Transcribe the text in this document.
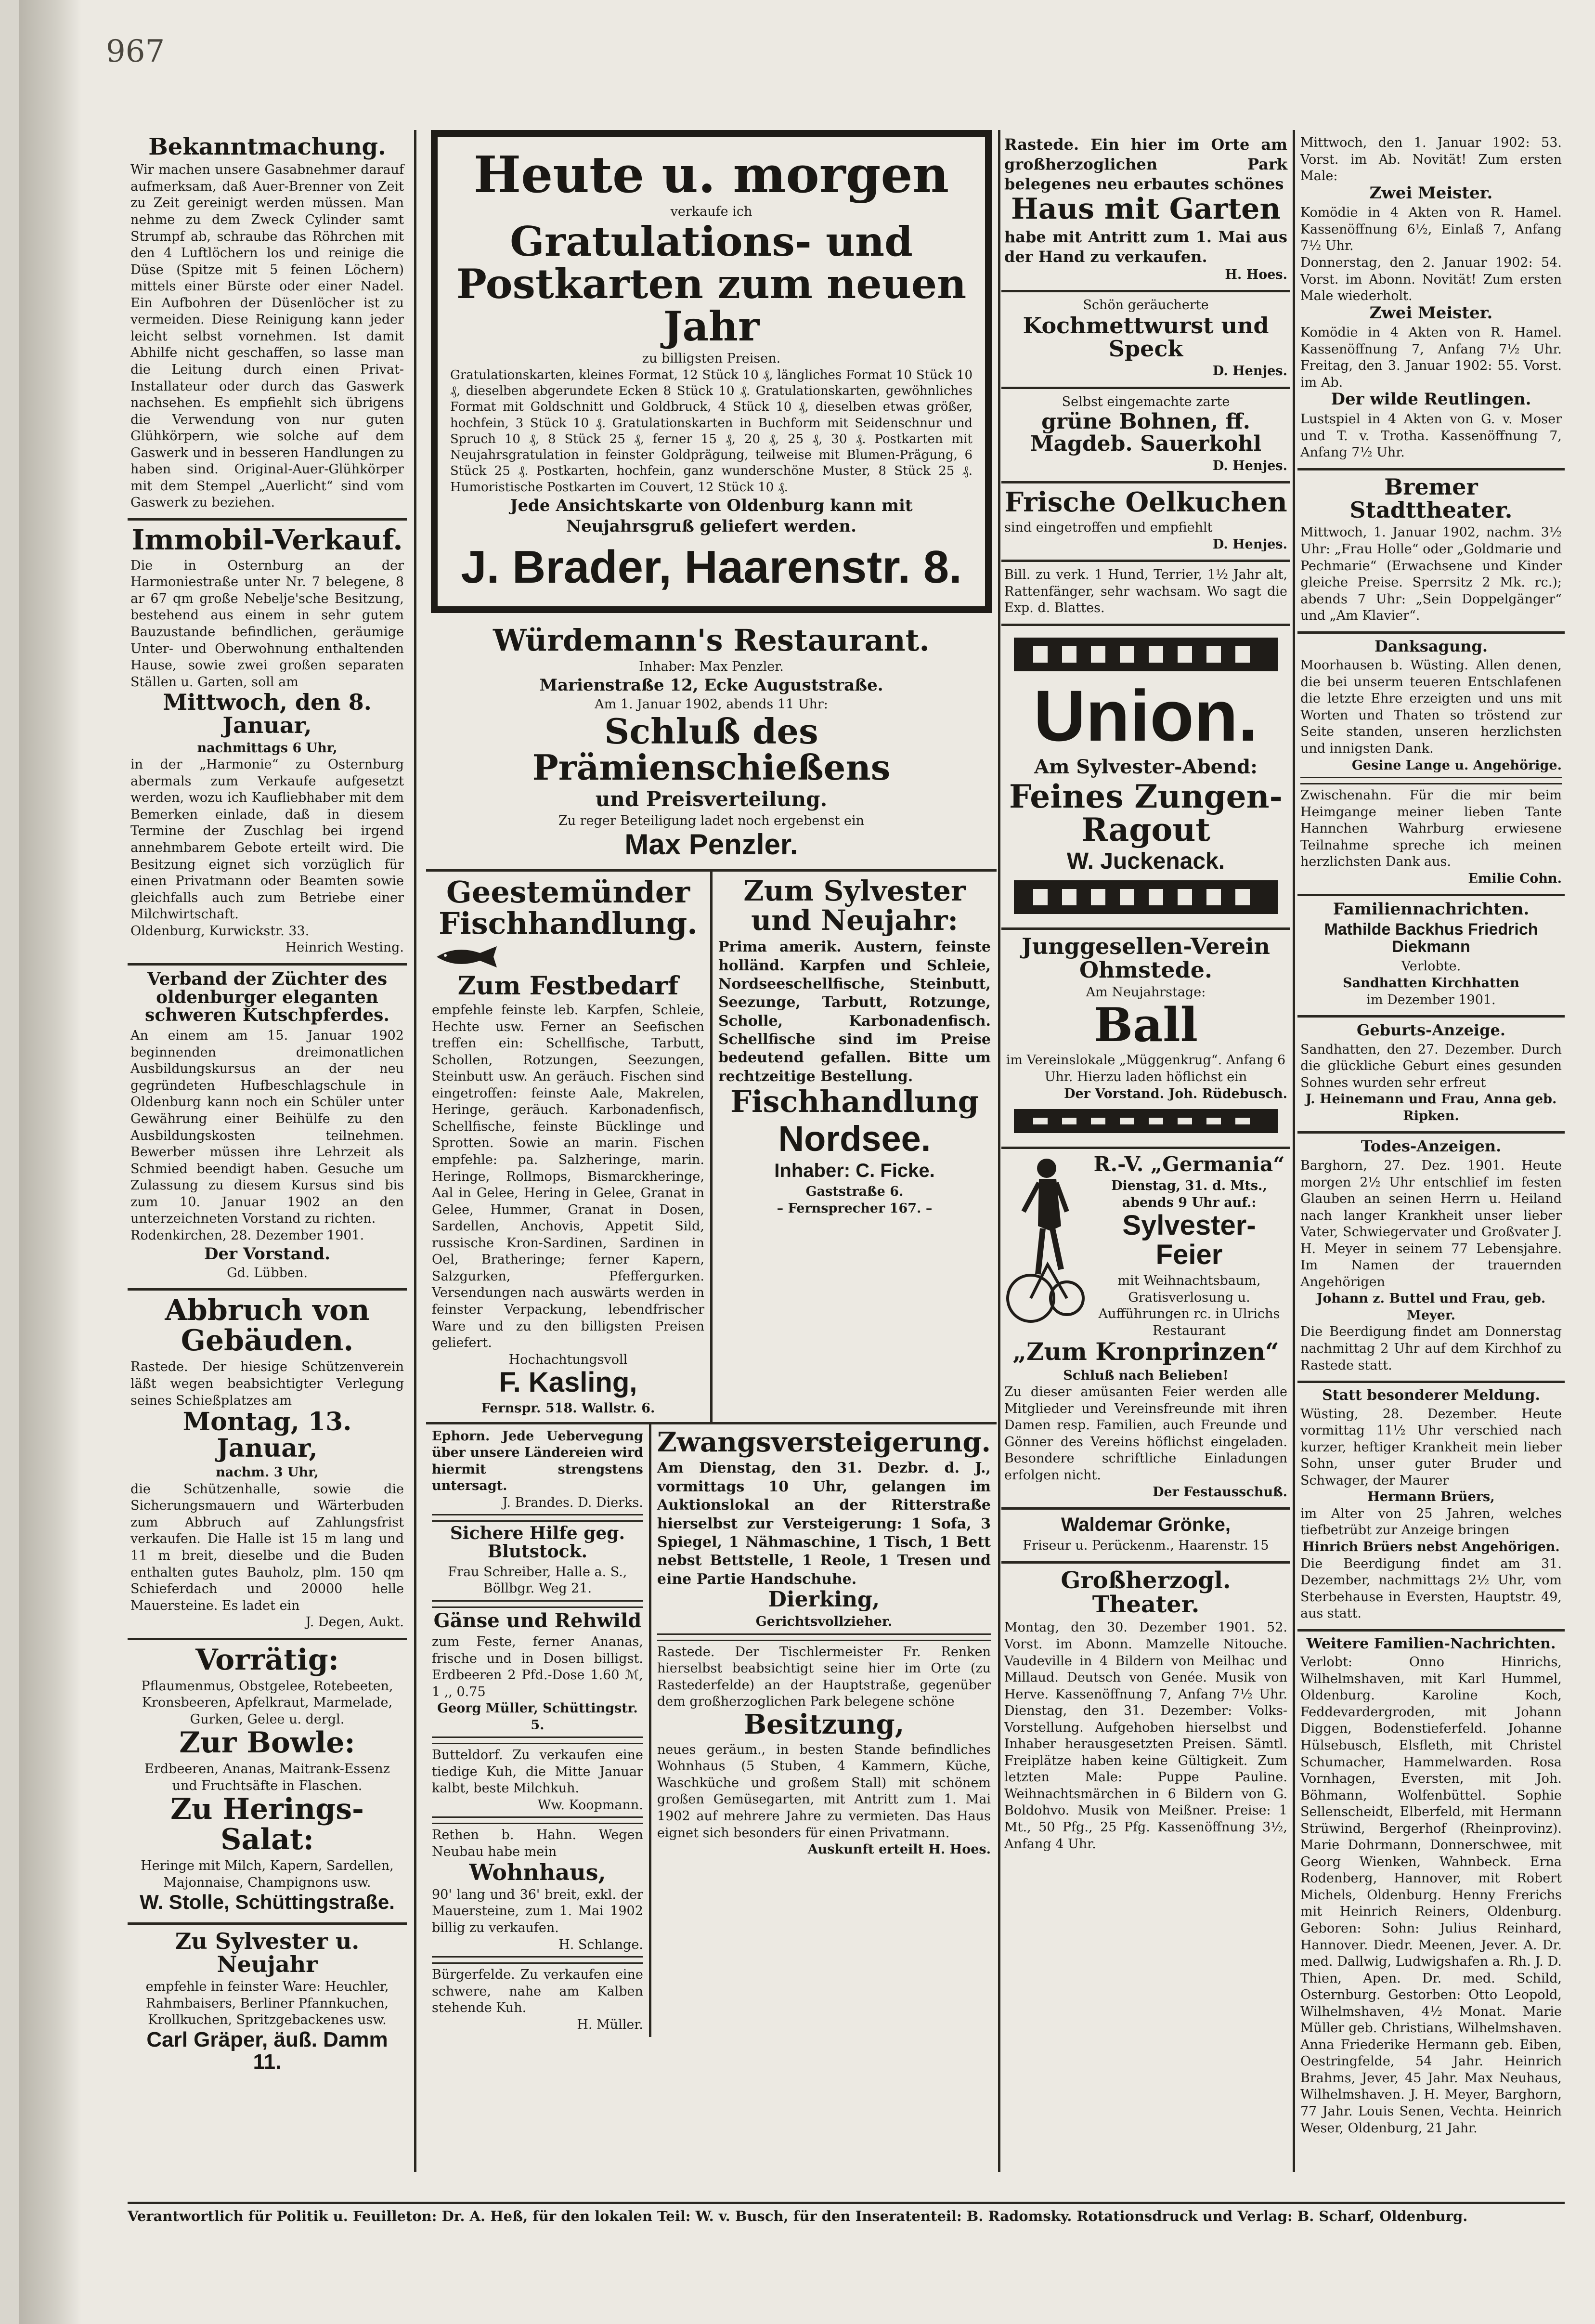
967
Bekanntmachung.

Wir machen unsere Gasabnehmer darauf aufmerksam, daß Auer-Brenner von Zeit zu Zeit gereinigt werden müssen. Man nehme zu dem Zweck Cylinder samt Strumpf ab, schraube das Röhrchen mit den 4 Luftlöchern los und reinige die Düse (Spitze mit 5 feinen Löchern) mittels einer Bürste oder einer Nadel. Ein Aufbohren der Düsenlöcher ist zu vermeiden. Diese Reinigung kann jeder leicht selbst vornehmen. Ist damit Abhilfe nicht geschaffen, so lasse man die Leitung durch einen Privat-Installateur oder durch das Gaswerk nachsehen. Es empfiehlt sich übrigens die Verwendung von nur guten Glühkörpern, wie solche auf dem Gaswerk und in besseren Handlungen zu haben sind. Original-Auer-Glühkörper mit dem Stempel „Auerlicht“ sind vom Gaswerk zu beziehen.

Immobil-Verkauf.

Die in Osternburg an der Harmoniestraße unter Nr. 7 belegene, 8 ar 67 qm große Nebelje'sche Besitzung, bestehend aus einem in sehr gutem Bauzustande befindlichen, geräumige Unter- und Oberwohnung enthaltenden Hause, sowie zwei großen separaten Ställen u. Garten, soll am

Mittwoch, den 8. Januar,

nachmittags 6 Uhr,

in der „Harmonie“ zu Osternburg abermals zum Verkaufe aufgesetzt werden, wozu ich Kaufliebhaber mit dem Bemerken einlade, daß in diesem Termine der Zuschlag bei irgend annehmbarem Gebote erteilt wird. Die Besitzung eignet sich vorzüglich für einen Privatmann oder Beamten sowie gleichfalls auch zum Betriebe einer Milchwirtschaft.

Oldenburg, Kurwickstr. 33.

Heinrich Westing.

Verband der Züchter des oldenburger eleganten schweren Kutschpferdes.

An einem am 15. Januar 1902 beginnenden dreimonatlichen Ausbildungskursus an der neu gegründeten Hufbeschlagschule in Oldenburg kann noch ein Schüler unter Gewährung einer Beihülfe zu den Ausbildungskosten teilnehmen. Bewerber müssen ihre Lehrzeit als Schmied beendigt haben. Gesuche um Zulassung zu diesem Kursus sind bis zum 10. Januar 1902 an den unterzeichneten Vorstand zu richten.

Rodenkirchen, 28. Dezember 1901.

Der Vorstand.

Gd. Lübben.

Abbruch von Gebäuden.

Rastede. Der hiesige Schützenverein läßt wegen beabsichtigter Verlegung seines Schießplatzes am

Montag, 13. Januar,

nachm. 3 Uhr,

die Schützenhalle, sowie die Sicherungsmauern und Wärterbuden zum Abbruch auf Zahlungsfrist verkaufen. Die Halle ist 15 m lang und 11 m breit, dieselbe und die Buden enthalten gutes Bauholz, plm. 150 qm Schieferdach und 20000 helle Mauersteine. Es ladet ein

J. Degen, Aukt.

Vorrätig:

Pflaumenmus, Obstgelee, Rotebeeten, Kronsbeeren, Apfelkraut, Marmelade, Gurken, Gelee u. dergl.

Zur Bowle:

Erdbeeren, Ananas, Maitrank-Essenz und Fruchtsäfte in Flaschen.

Zu Herings-Salat:

Heringe mit Milch, Kapern, Sardellen, Majonnaise, Champignons usw.

W. Stolle, Schüttingstraße.
Zu Sylvester u. Neujahr

empfehle in feinster Ware: Heuchler, Rahmbaisers, Berliner Pfannkuchen, Krollkuchen, Spritzgebackenes usw.

Carl Gräper, äuß. Damm 11.
Heute u. morgen

verkaufe ich

Gratulations- und Postkarten zum neuen Jahr

zu billigsten Preisen.

Gratulationskarten, kleines Format, 12 Stück 10 ₰, längliches Format 10 Stück 10 ₰, dieselben abgerundete Ecken 8 Stück 10 ₰. Gratulationskarten, gewöhnliches Format mit Goldschnitt und Goldbruck, 4 Stück 10 ₰, dieselben etwas größer, hochfein, 3 Stück 10 ₰. Gratulationskarten in Buchform mit Seidenschnur und Spruch 10 ₰, 8 Stück 25 ₰, ferner 15 ₰, 20 ₰, 25 ₰, 30 ₰. Postkarten mit Neujahrsgratulation in feinster Goldprägung, teilweise mit Blumen-Prägung, 6 Stück 25 ₰. Postkarten, hochfein, ganz wunderschöne Muster, 8 Stück 25 ₰. Humoristische Postkarten im Couvert, 12 Stück 10 ₰.

Jede Ansichtskarte von Oldenburg kann mit Neujahrsgruß geliefert werden.

J. Brader, Haarenstr. 8.
Würdemann's Restaurant.

Inhaber: Max Penzler.

Marienstraße 12, Ecke Auguststraße.

Am 1. Januar 1902, abends 11 Uhr:

Schluß des Prämienschießens
und Preisverteilung.

Zu reger Beteiligung ladet noch ergebenst ein

Max Penzler.
Geestemünder Fischhandlung.
Zum Festbedarf

empfehle feinste leb. Karpfen, Schleie, Hechte usw. Ferner an Seefischen treffen ein: Schellfische, Tarbutt, Schollen, Rotzungen, Seezungen, Steinbutt usw. An geräuch. Fischen sind eingetroffen: feinste Aale, Makrelen, Heringe, geräuch. Karbonadenfisch, Schellfische, feinste Bücklinge und Sprotten. Sowie an marin. Fischen empfehle: pa. Salzheringe, marin. Heringe, Rollmops, Bismarckheringe, Aal in Gelee, Hering in Gelee, Granat in Gelee, Hummer, Granat in Dosen, Sardellen, Anchovis, Appetit Sild, russische Kron-Sardinen, Sardinen in Oel, Bratheringe; ferner Kapern, Salzgurken, Pfeffergurken. Versendungen nach auswärts werden in feinster Verpackung, lebendfrischer Ware und zu den billigsten Preisen geliefert.

Hochachtungsvoll

F. Kasling,

Fernspr. 518. Wallstr. 6.

Zum Sylvester und Neujahr:

Prima amerik. Austern, feinste holländ. Karpfen und Schleie, Nordseeschellfische, Steinbutt, Seezunge, Tarbutt, Rotzunge, Scholle, Karbonadenfisch. Schellfische sind im Preise bedeutend gefallen. Bitte um rechtzeitige Bestellung.

Fischhandlung
Nordsee.
Inhaber: C. Ficke.

Gaststraße 6.

– Fernsprecher 167. –

Ephorn. Jede Uebervegung über unsere Ländereien wird hiermit strengstens untersagt.

J. Brandes. D. Dierks.

Sichere Hilfe geg. Blutstock.

Frau Schreiber, Halle a. S., Böllbgr. Weg 21.

Gänse und Rehwild

zum Feste, ferner Ananas, frische und in Dosen billigst. Erdbeeren 2 Pfd.-Dose 1.60 ℳ, 1 ,, 0.75

Georg Müller, Schüttingstr. 5.

Butteldorf. Zu verkaufen eine tiedige Kuh, die Mitte Januar kalbt, beste Milchkuh.

Ww. Koopmann.

Rethen b. Hahn. Wegen Neubau habe mein

Wohnhaus,

90' lang und 36' breit, exkl. der Mauersteine, zum 1. Mai 1902 billig zu verkaufen.

H. Schlange.

Bürgerfelde. Zu verkaufen eine schwere, nahe am Kalben stehende Kuh.

H. Müller.

Zwangsversteigerung.

Am Dienstag, den 31. Dezbr. d. J., vormittags 10 Uhr, gelangen im Auktionslokal an der Ritterstraße hierselbst zur Versteigerung: 1 Sofa, 3 Spiegel, 1 Nähmaschine, 1 Tisch, 1 Bett nebst Bettstelle, 1 Reole, 1 Tresen und eine Partie Handschuhe.

Dierking,

Gerichtsvollzieher.

Rastede. Der Tischlermeister Fr. Renken hierselbst beabsichtigt seine hier im Orte (zu Rastederfelde) an der Hauptstraße, gegenüber dem großherzoglichen Park belegene schöne

Besitzung,

neues geräum., in besten Stande befindliches Wohnhaus (5 Stuben, 4 Kammern, Küche, Waschküche und großem Stall) mit schönem großen Gemüsegarten, mit Antritt zum 1. Mai 1902 auf mehrere Jahre zu vermieten. Das Haus eignet sich besonders für einen Privatmann.

Auskunft erteilt H. Hoes.

Rastede. Ein hier im Orte am großherzoglichen Park belegenes neu erbautes schönes

Haus mit Garten

habe mit Antritt zum 1. Mai aus der Hand zu verkaufen.

H. Hoes.

Schön geräucherte

Kochmettwurst und Speck

D. Henjes.

Selbst eingemachte zarte

grüne Bohnen, ff. Magdeb. Sauerkohl

D. Henjes.

Frische Oelkuchen

sind eingetroffen und empfiehlt

D. Henjes.

Bill. zu verk. 1 Hund, Terrier, 1½ Jahr alt, Rattenfänger, sehr wachsam. Wo sagt die Exp. d. Blattes.

Union.
Am Sylvester-Abend:
Feines Zungen-Ragout
W. Juckenack.
Junggesellen-Verein Ohmstede.

Am Neujahrstage:

Ball

im Vereinslokale „Müggenkrug“. Anfang 6 Uhr. Hierzu laden höflichst ein

Der Vorstand. Joh. Rüdebusch.

R.-V. „Germania“

Dienstag, 31. d. Mts., abends 9 Uhr auf.:

Sylvester-Feier

mit Weihnachtsbaum, Gratisverlosung u. Aufführungen rc. in Ulrichs Restaurant

„Zum Kronprinzen“

Schluß nach Belieben!

Zu dieser amüsanten Feier werden alle Mitglieder und Vereinsfreunde mit ihren Damen resp. Familien, auch Freunde und Gönner des Vereins höflichst eingeladen. Besondere schriftliche Einladungen erfolgen nicht.

Der Festausschuß.

Waldemar Grönke,

Friseur u. Perückenm., Haarenstr. 15

Großherzogl. Theater.

Montag, den 30. Dezember 1901. 52. Vorst. im Abonn. Mamzelle Nitouche. Vaudeville in 4 Bildern von Meilhac und Millaud. Deutsch von Genée. Musik von Herve. Kassenöffnung 7, Anfang 7½ Uhr. Dienstag, den 31. Dezember: Volks-Vorstellung. Aufgehoben hierselbst und Inhaber herausgesetzten Preisen. Sämtl. Freiplätze haben keine Gültigkeit. Zum letzten Male: Puppe Pauline. Weihnachtsmärchen in 6 Bildern von G. Boldohvo. Musik von Meißner. Preise: 1 Mt., 50 Pfg., 25 Pfg. Kassenöffnung 3½, Anfang 4 Uhr.

Mittwoch, den 1. Januar 1902: 53. Vorst. im Ab. Novität! Zum ersten Male:

Zwei Meister.

Komödie in 4 Akten von R. Hamel. Kassenöffnung 6½, Einlaß 7, Anfang 7½ Uhr.

Donnerstag, den 2. Januar 1902: 54. Vorst. im Abonn. Novität! Zum ersten Male wiederholt.

Zwei Meister.

Komödie in 4 Akten von R. Hamel. Kassenöffnung 7, Anfang 7½ Uhr. Freitag, den 3. Januar 1902: 55. Vorst. im Ab.

Der wilde Reutlingen.

Lustspiel in 4 Akten von G. v. Moser und T. v. Trotha. Kassenöffnung 7, Anfang 7½ Uhr.

Bremer Stadttheater.

Mittwoch, 1. Januar 1902, nachm. 3½ Uhr: „Frau Holle“ oder „Goldmarie und Pechmarie“ (Erwachsene und Kinder gleiche Preise. Sperrsitz 2 Mk. rc.); abends 7 Uhr: „Sein Doppelgänger“ und „Am Klavier“.

Danksagung.

Moorhausen b. Wüsting. Allen denen, die bei unserm teueren Entschlafenen die letzte Ehre erzeigten und uns mit Worten und Thaten so tröstend zur Seite standen, unseren herzlichsten und innigsten Dank.

Gesine Lange u. Angehörige.

Zwischenahn. Für die mir beim Heimgange meiner lieben Tante Hannchen Wahrburg erwiesene Teilnahme spreche ich meinen herzlichsten Dank aus.

Emilie Cohn.

Familiennachrichten.
Mathilde Backhus Friedrich Diekmann

Verlobte.

Sandhatten Kirchhatten

im Dezember 1901.

Geburts-Anzeige.

Sandhatten, den 27. Dezember. Durch die glückliche Geburt eines gesunden Sohnes wurden sehr erfreut

J. Heinemann und Frau, Anna geb. Ripken.

Todes-Anzeigen.

Barghorn, 27. Dez. 1901. Heute morgen 2½ Uhr entschlief im festen Glauben an seinen Herrn u. Heiland nach langer Krankheit unser lieber Vater, Schwiegervater und Großvater J. H. Meyer in seinem 77 Lebensjahre. Im Namen der trauernden Angehörigen

Johann z. Buttel und Frau, geb. Meyer.

Die Beerdigung findet am Donnerstag nachmittag 2 Uhr auf dem Kirchhof zu Rastede statt.

Statt besonderer Meldung.

Wüsting, 28. Dezember. Heute vormittag 11½ Uhr verschied nach kurzer, heftiger Krankheit mein lieber Sohn, unser guter Bruder und Schwager, der Maurer

Hermann Brüers,

im Alter von 25 Jahren, welches tiefbetrübt zur Anzeige bringen

Hinrich Brüers nebst Angehörigen.

Die Beerdigung findet am 31. Dezember, nachmittags 2½ Uhr, vom Sterbehause in Eversten, Hauptstr. 49, aus statt.

Weitere Familien-Nachrichten.

Verlobt: Onno Hinrichs, Wilhelmshaven, mit Karl Hummel, Oldenburg. Karoline Koch, Feddevardergroden, mit Johann Diggen, Bodenstieferfeld. Johanne Hülsebusch, Elsfleth, mit Christel Schumacher, Hammelwarden. Rosa Vornhagen, Eversten, mit Joh. Böhmann, Wolfenbüttel. Sophie Sellenscheidt, Elberfeld, mit Hermann Strüwind, Bergerhof (Rheinprovinz). Marie Dohrmann, Donnerschwee, mit Georg Wienken, Wahnbeck. Erna Rodenberg, Hannover, mit Robert Michels, Oldenburg. Henny Frerichs mit Heinrich Reiners, Oldenburg. Geboren: Sohn: Julius Reinhard, Hannover. Diedr. Meenen, Jever. A. Dr. med. Dallwig, Ludwigshafen a. Rh. J. D. Thien, Apen. Dr. med. Schild, Osternburg. Gestorben: Otto Leopold, Wilhelmshaven, 4½ Monat. Marie Müller geb. Christians, Wilhelmshaven. Anna Friederike Hermann geb. Eiben, Oestringfelde, 54 Jahr. Heinrich Brahms, Jever, 45 Jahr. Max Neuhaus, Wilhelmshaven. J. H. Meyer, Barghorn, 77 Jahr. Louis Senen, Vechta. Heinrich Weser, Oldenburg, 21 Jahr.

Verantwortlich für Politik u. Feuilleton: Dr. A. Heß, für den lokalen Teil: W. v. Busch, für den Inseratenteil: B. Radomsky. Rotationsdruck und Verlag: B. Scharf, Oldenburg.
